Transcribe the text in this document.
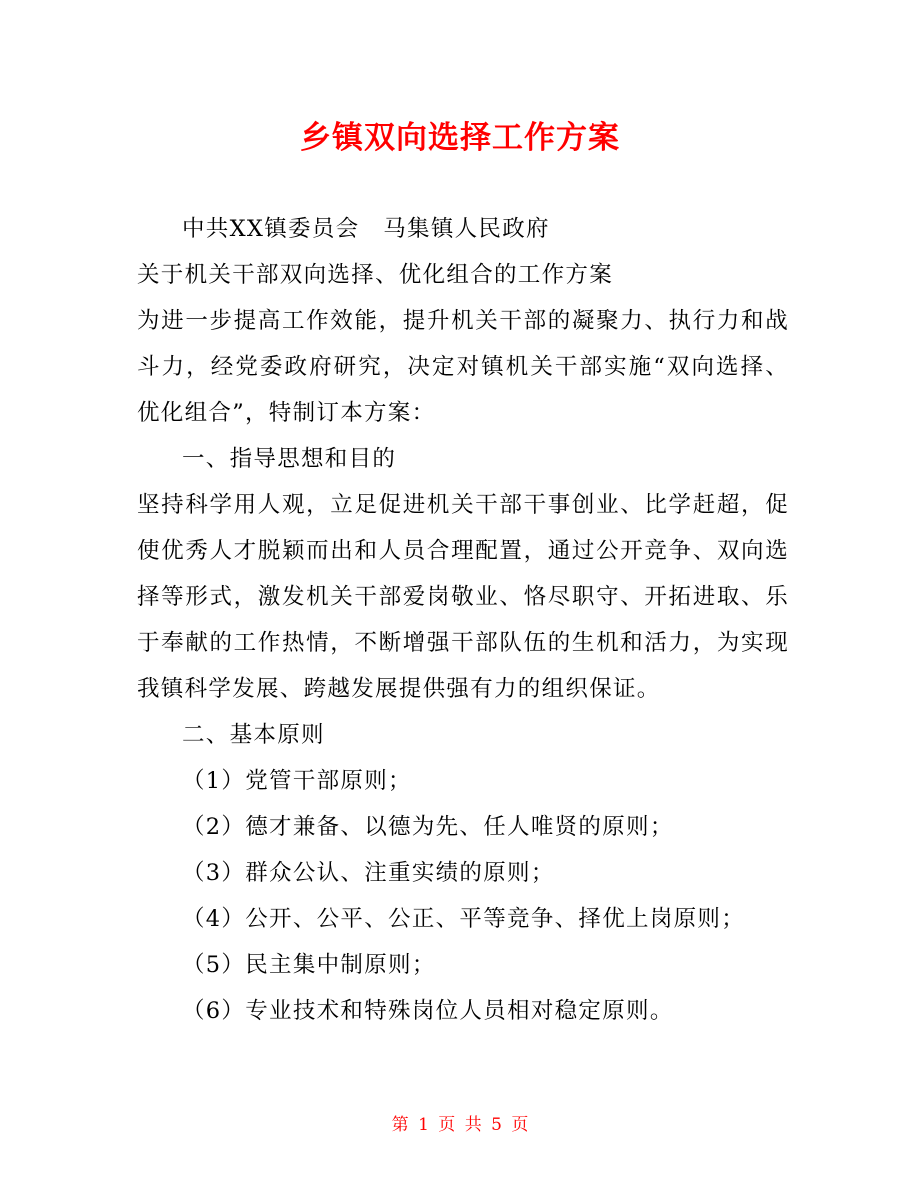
乡镇双向选择工作方案
中共XX镇委员会　马集镇人民政府
关于机关干部双向选择、优化组合的工作方案
为进一步提高工作效能，提升机关干部的凝聚力、执行力和战斗力，经党委政府研究，决定对镇机关干部实施“双向选择、优化组合”，特制订本方案：
一、指导思想和目的
坚持科学用人观，立足促进机关干部干事创业、比学赶超，促使优秀人才脱颖而出和人员合理配置，通过公开竞争、双向选择等形式，激发机关干部爱岗敬业、恪尽职守、开拓进取、乐于奉献的工作热情，不断增强干部队伍的生机和活力，为实现我镇科学发展、跨越发展提供强有力的组织保证。
二、基本原则
（1）党管干部原则；
（2）德才兼备、以德为先、任人唯贤的原则；
（3）群众公认、注重实绩的原则；
（4）公开、公平、公正、平等竞争、择优上岗原则；
（5）民主集中制原则；
（6）专业技术和特殊岗位人员相对稳定原则。
第 1 页 共 5 页
